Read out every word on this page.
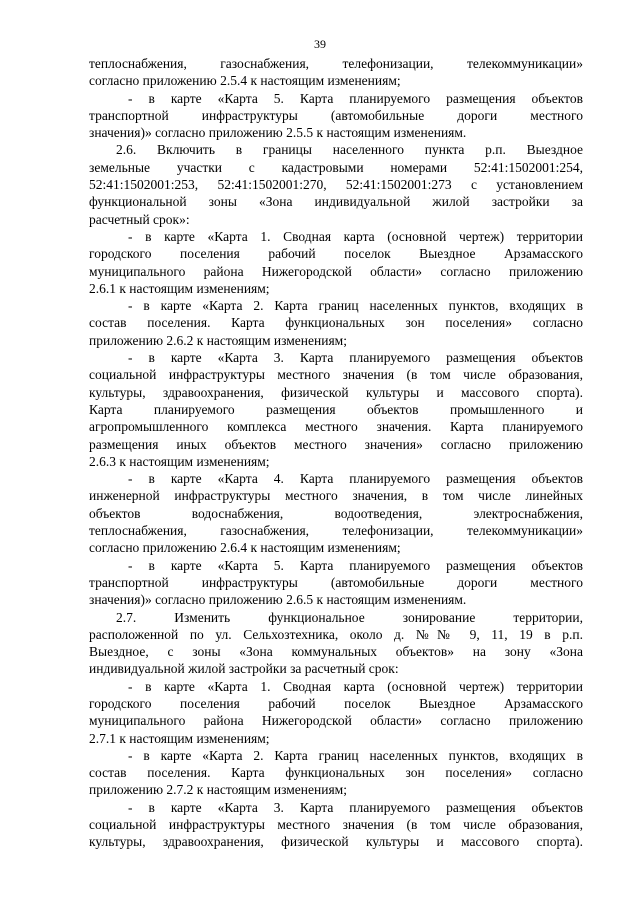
39
теплоснабжения, газоснабжения, телефонизации, телекоммуникации»
согласно приложению 2.5.4 к настоящим изменениям;
- в карте «Карта 5. Карта планируемого размещения объектов
транспортной инфраструктуры (автомобильные дороги местного
значения)» согласно приложению 2.5.5 к настоящим изменениям.
2.6. Включить в границы населенного пункта р.п. Выездное
земельные участки с кадастровыми номерами 52:41:1502001:254,
52:41:1502001:253, 52:41:1502001:270, 52:41:1502001:273 с установлением
функциональной зоны «Зона индивидуальной жилой застройки за
расчетный срок»:
- в карте «Карта 1. Сводная карта (основной чертеж) территории
городского поселения рабочий поселок Выездное Арзамасского
муниципального района Нижегородской области» согласно приложению
2.6.1 к настоящим изменениям;
- в карте «Карта 2. Карта границ населенных пунктов, входящих в
состав поселения. Карта функциональных зон поселения» согласно
приложению 2.6.2 к настоящим изменениям;
- в карте «Карта 3. Карта планируемого размещения объектов
социальной инфраструктуры местного значения (в том числе образования,
культуры, здравоохранения, физической культуры и массового спорта).
Карта планируемого размещения объектов промышленного и
агропромышленного комплекса местного значения. Карта планируемого
размещения иных объектов местного значения» согласно приложению
2.6.3 к настоящим изменениям;
- в карте «Карта 4. Карта планируемого размещения объектов
инженерной инфраструктуры местного значения, в том числе линейных
объектов водоснабжения, водоотведения, электроснабжения,
теплоснабжения, газоснабжения, телефонизации, телекоммуникации»
согласно приложению 2.6.4 к настоящим изменениям;
- в карте «Карта 5. Карта планируемого размещения объектов
транспортной инфраструктуры (автомобильные дороги местного
значения)» согласно приложению 2.6.5 к настоящим изменениям.
2.7. Изменить функциональное зонирование территории,
расположенной по ул. Сельхозтехника, около д. №№ 9, 11, 19 в р.п.
Выездное, с зоны «Зона коммунальных объектов» на зону «Зона
индивидуальной жилой застройки за расчетный срок:
- в карте «Карта 1. Сводная карта (основной чертеж) территории
городского поселения рабочий поселок Выездное Арзамасского
муниципального района Нижегородской области» согласно приложению
2.7.1 к настоящим изменениям;
- в карте «Карта 2. Карта границ населенных пунктов, входящих в
состав поселения. Карта функциональных зон поселения» согласно
приложению 2.7.2 к настоящим изменениям;
- в карте «Карта 3. Карта планируемого размещения объектов
социальной инфраструктуры местного значения (в том числе образования,
культуры, здравоохранения, физической культуры и массового спорта).
